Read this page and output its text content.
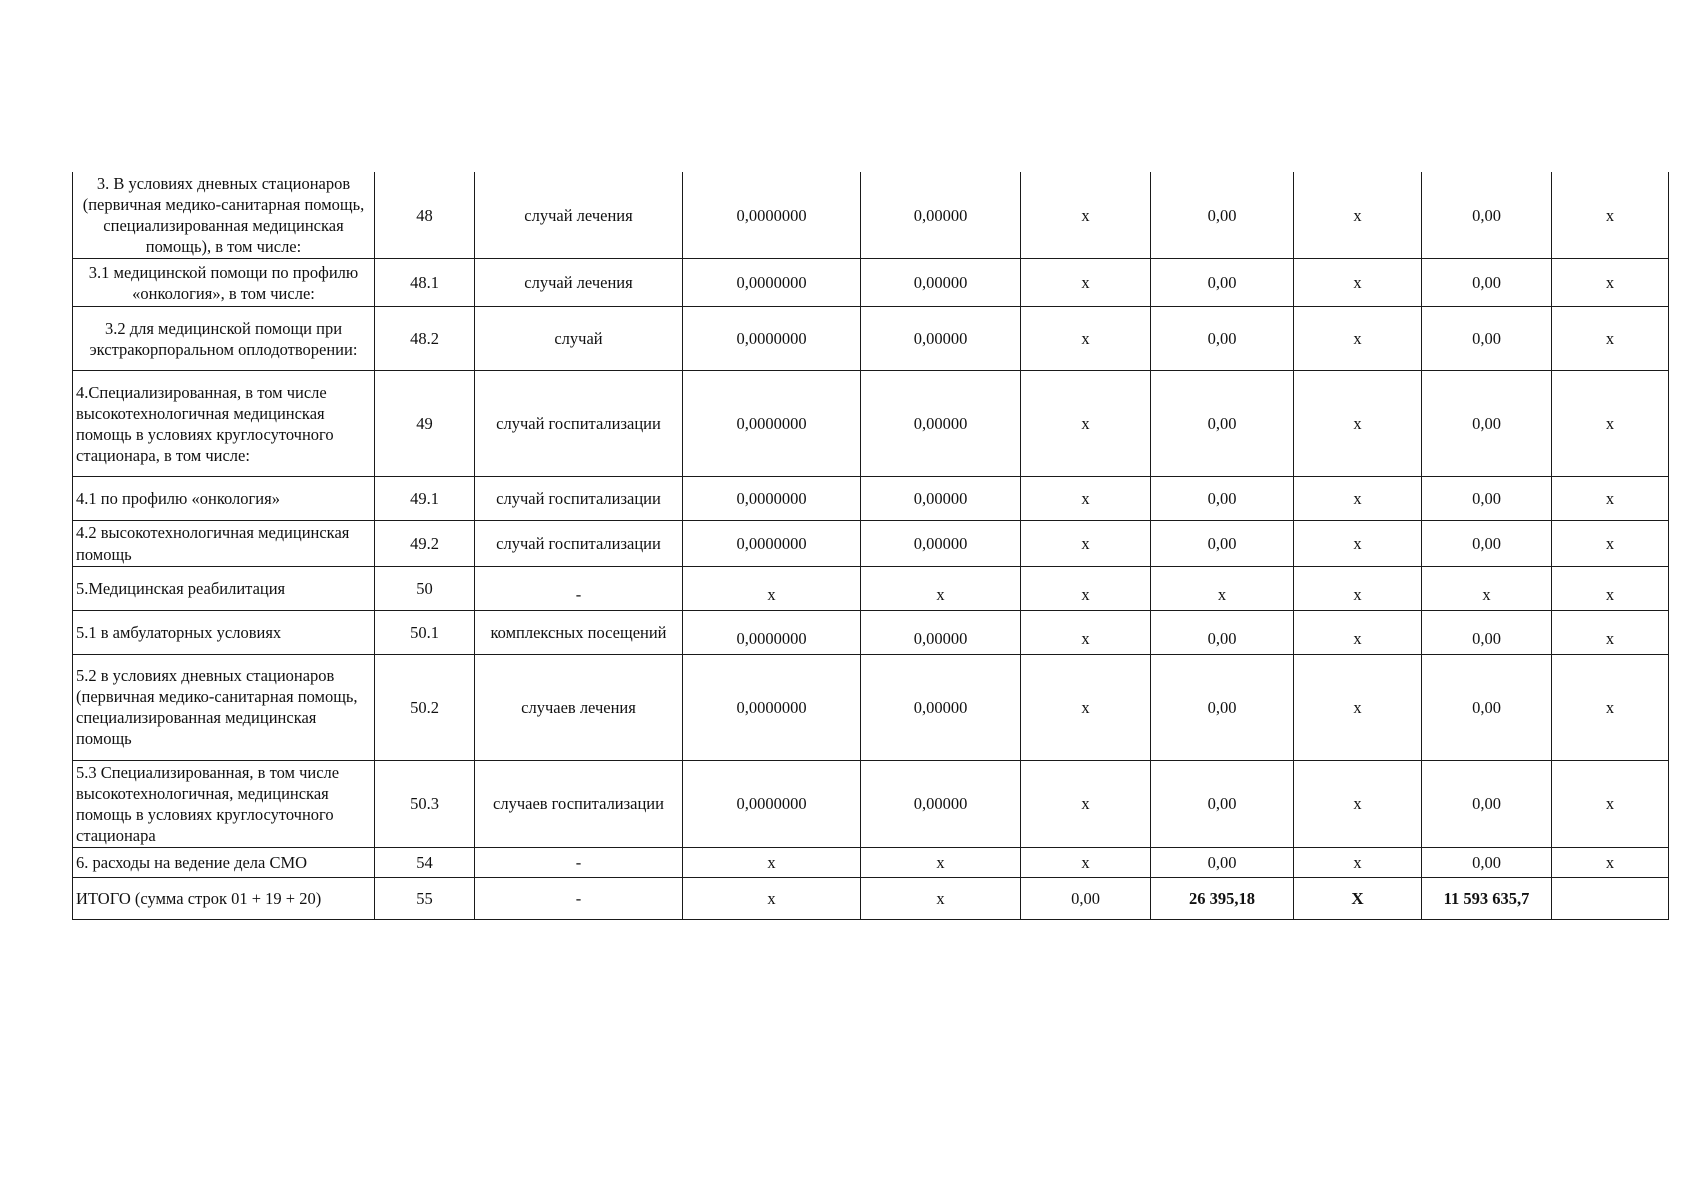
3. В условиях дневных стационаров (первичная медико-санитарная помощь, специализированная медицинская помощь), в том числе:	48	случай лечения	0,0000000	0,00000	х	0,00	х	0,00	х
3.1 медицинской помощи по профилю «онкология», в том числе:	48.1	случай лечения	0,0000000	0,00000	х	0,00	х	0,00	х
3.2 для медицинской помощи при экстракорпоральном оплодотворении:	48.2	случай	0,0000000	0,00000	х	0,00	х	0,00	х
4.Специализированная, в том числе высокотехнологичная медицинская помощь в условиях круглосуточного стационара, в том числе:	49	случай госпитализации	0,0000000	0,00000	х	0,00	х	0,00	х
4.1 по профилю «онкология»	49.1	случай госпитализации	0,0000000	0,00000	х	0,00	х	0,00	х
4.2 высокотехнологичная медицинская помощь	49.2	случай госпитализации	0,0000000	0,00000	х	0,00	х	0,00	х
5.Медицинская реабилитация	50	-	х	х	х	х	х	х	х
5.1 в амбулаторных условиях	50.1	комплексных посещений	0,0000000	0,00000	х	0,00	х	0,00	х
5.2 в условиях дневных стационаров (первичная медико-санитарная помощь, специализированная медицинская помощь	50.2	случаев лечения	0,0000000	0,00000	х	0,00	х	0,00	х
5.3 Специализированная, в том числе высокотехнологичная, медицинская помощь в условиях круглосуточного стационара	50.3	случаев госпитализации	0,0000000	0,00000	х	0,00	х	0,00	х
6. расходы на ведение дела СМО	54	-	х	х	х	0,00	х	0,00	х
ИТОГО (сумма строк 01 + 19 + 20)	55	-	х	х	0,00	26 395,18	Х	11 593 635,7	
